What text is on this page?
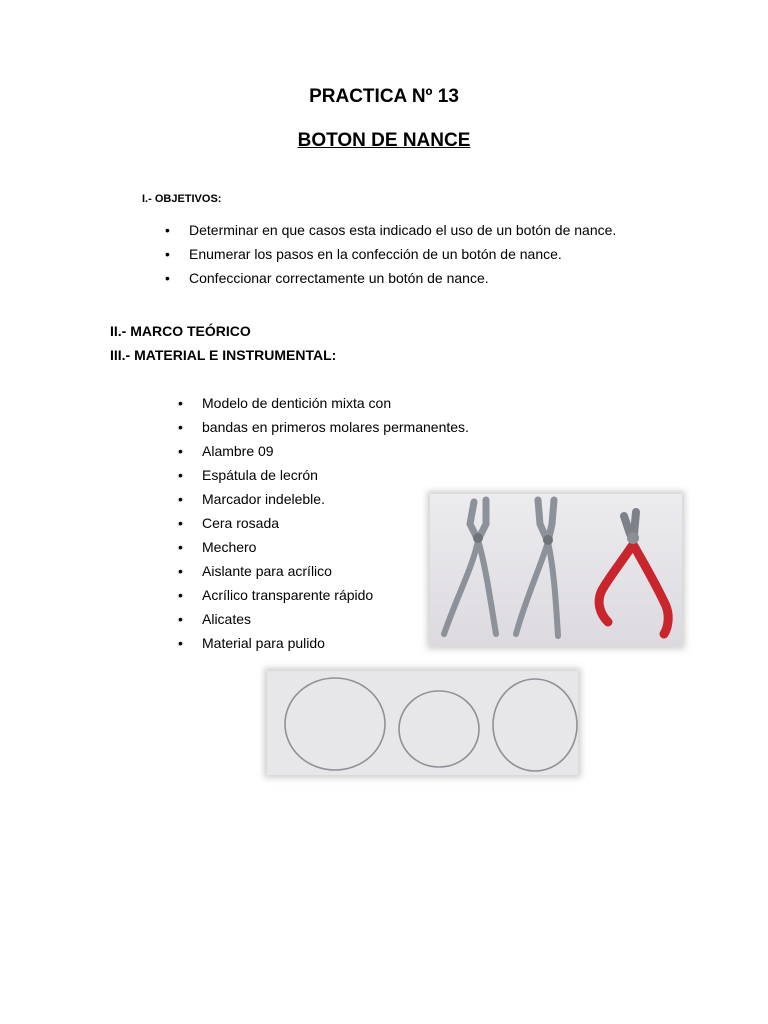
PRACTICA Nº 13
BOTON DE NANCE

I.- OBJETIVOS:

• Determinar en que casos esta indicado el uso de un botón de nance.
• Enumerar los pasos en la confección de un botón de nance.
• Confeccionar correctamente un botón de nance.

II.- MARCO TEÓRICO

III.- MATERIAL E INSTRUMENTAL:

• Modelo de dentición mixta con
• bandas en primeros molares permanentes.
• Alambre 09
• Espátula de lecrón
• Marcador indeleble.
• Cera rosada
• Mechero
• Aislante para acrílico
• Acrílico transparente rápido
• Alicates
• Material para pulido
